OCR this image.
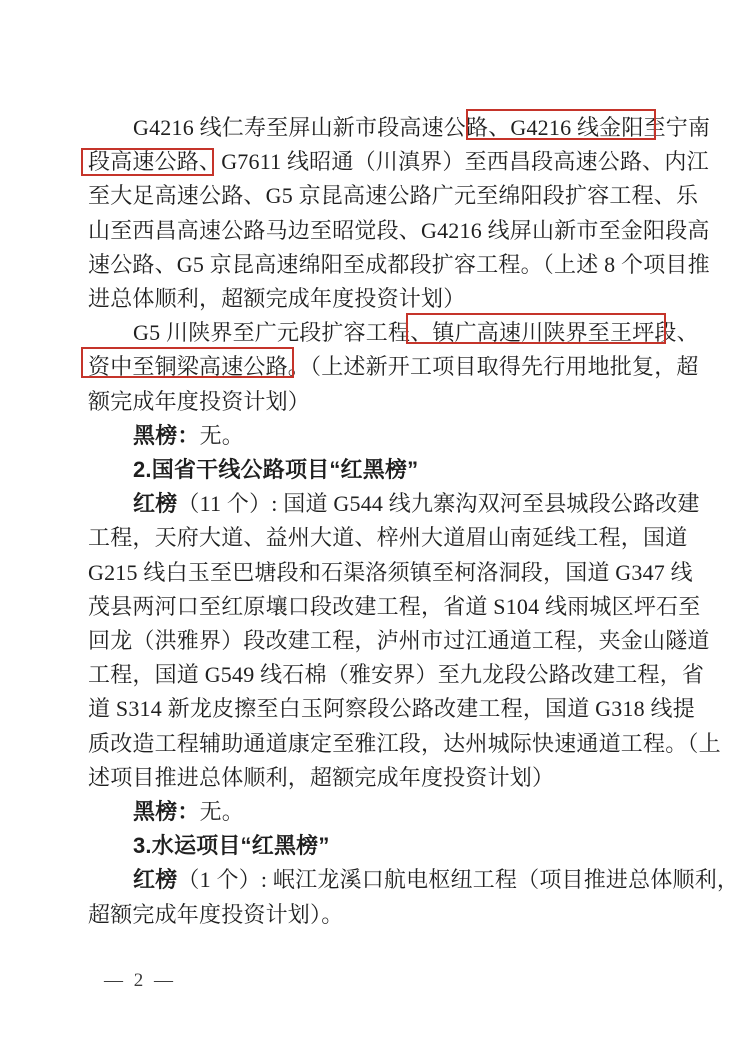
G4216 线仁寿至屏山新市段高速公路、G4216 线金阳至宁南
段高速公路、G7611 线昭通（川滇界）至西昌段高速公路、内江
至大足高速公路、G5 京昆高速公路广元至绵阳段扩容工程、乐
山至西昌高速公路马边至昭觉段、G4216 线屏山新市至金阳段高
速公路、G5 京昆高速绵阳至成都段扩容工程。（上述 8 个项目推
进总体顺利，超额完成年度投资计划）
G5 川陕界至广元段扩容工程、镇广高速川陕界至王坪段、
资中至铜梁高速公路。（上述新开工项目取得先行用地批复，超
额完成年度投资计划）
黑榜：无。
2.国省干线公路项目“红黑榜”
红榜（11 个）: 国道 G544 线九寨沟双河至县城段公路改建
工程，天府大道、益州大道、梓州大道眉山南延线工程，国道
G215 线白玉至巴塘段和石渠洛须镇至柯洛洞段，国道 G347 线
茂县两河口至红原壤口段改建工程，省道 S104 线雨城区坪石至
回龙（洪雅界）段改建工程，泸州市过江通道工程，夹金山隧道
工程，国道 G549 线石棉（雅安界）至九龙段公路改建工程，省
道 S314 新龙皮擦至白玉阿察段公路改建工程，国道 G318 线提
质改造工程辅助通道康定至雅江段，达州城际快速通道工程。（上
述项目推进总体顺利，超额完成年度投资计划）
黑榜：无。
3.水运项目“红黑榜”
红榜（1 个）: 岷江龙溪口航电枢纽工程（项目推进总体顺利，
超额完成年度投资计划）。
— 2 —
